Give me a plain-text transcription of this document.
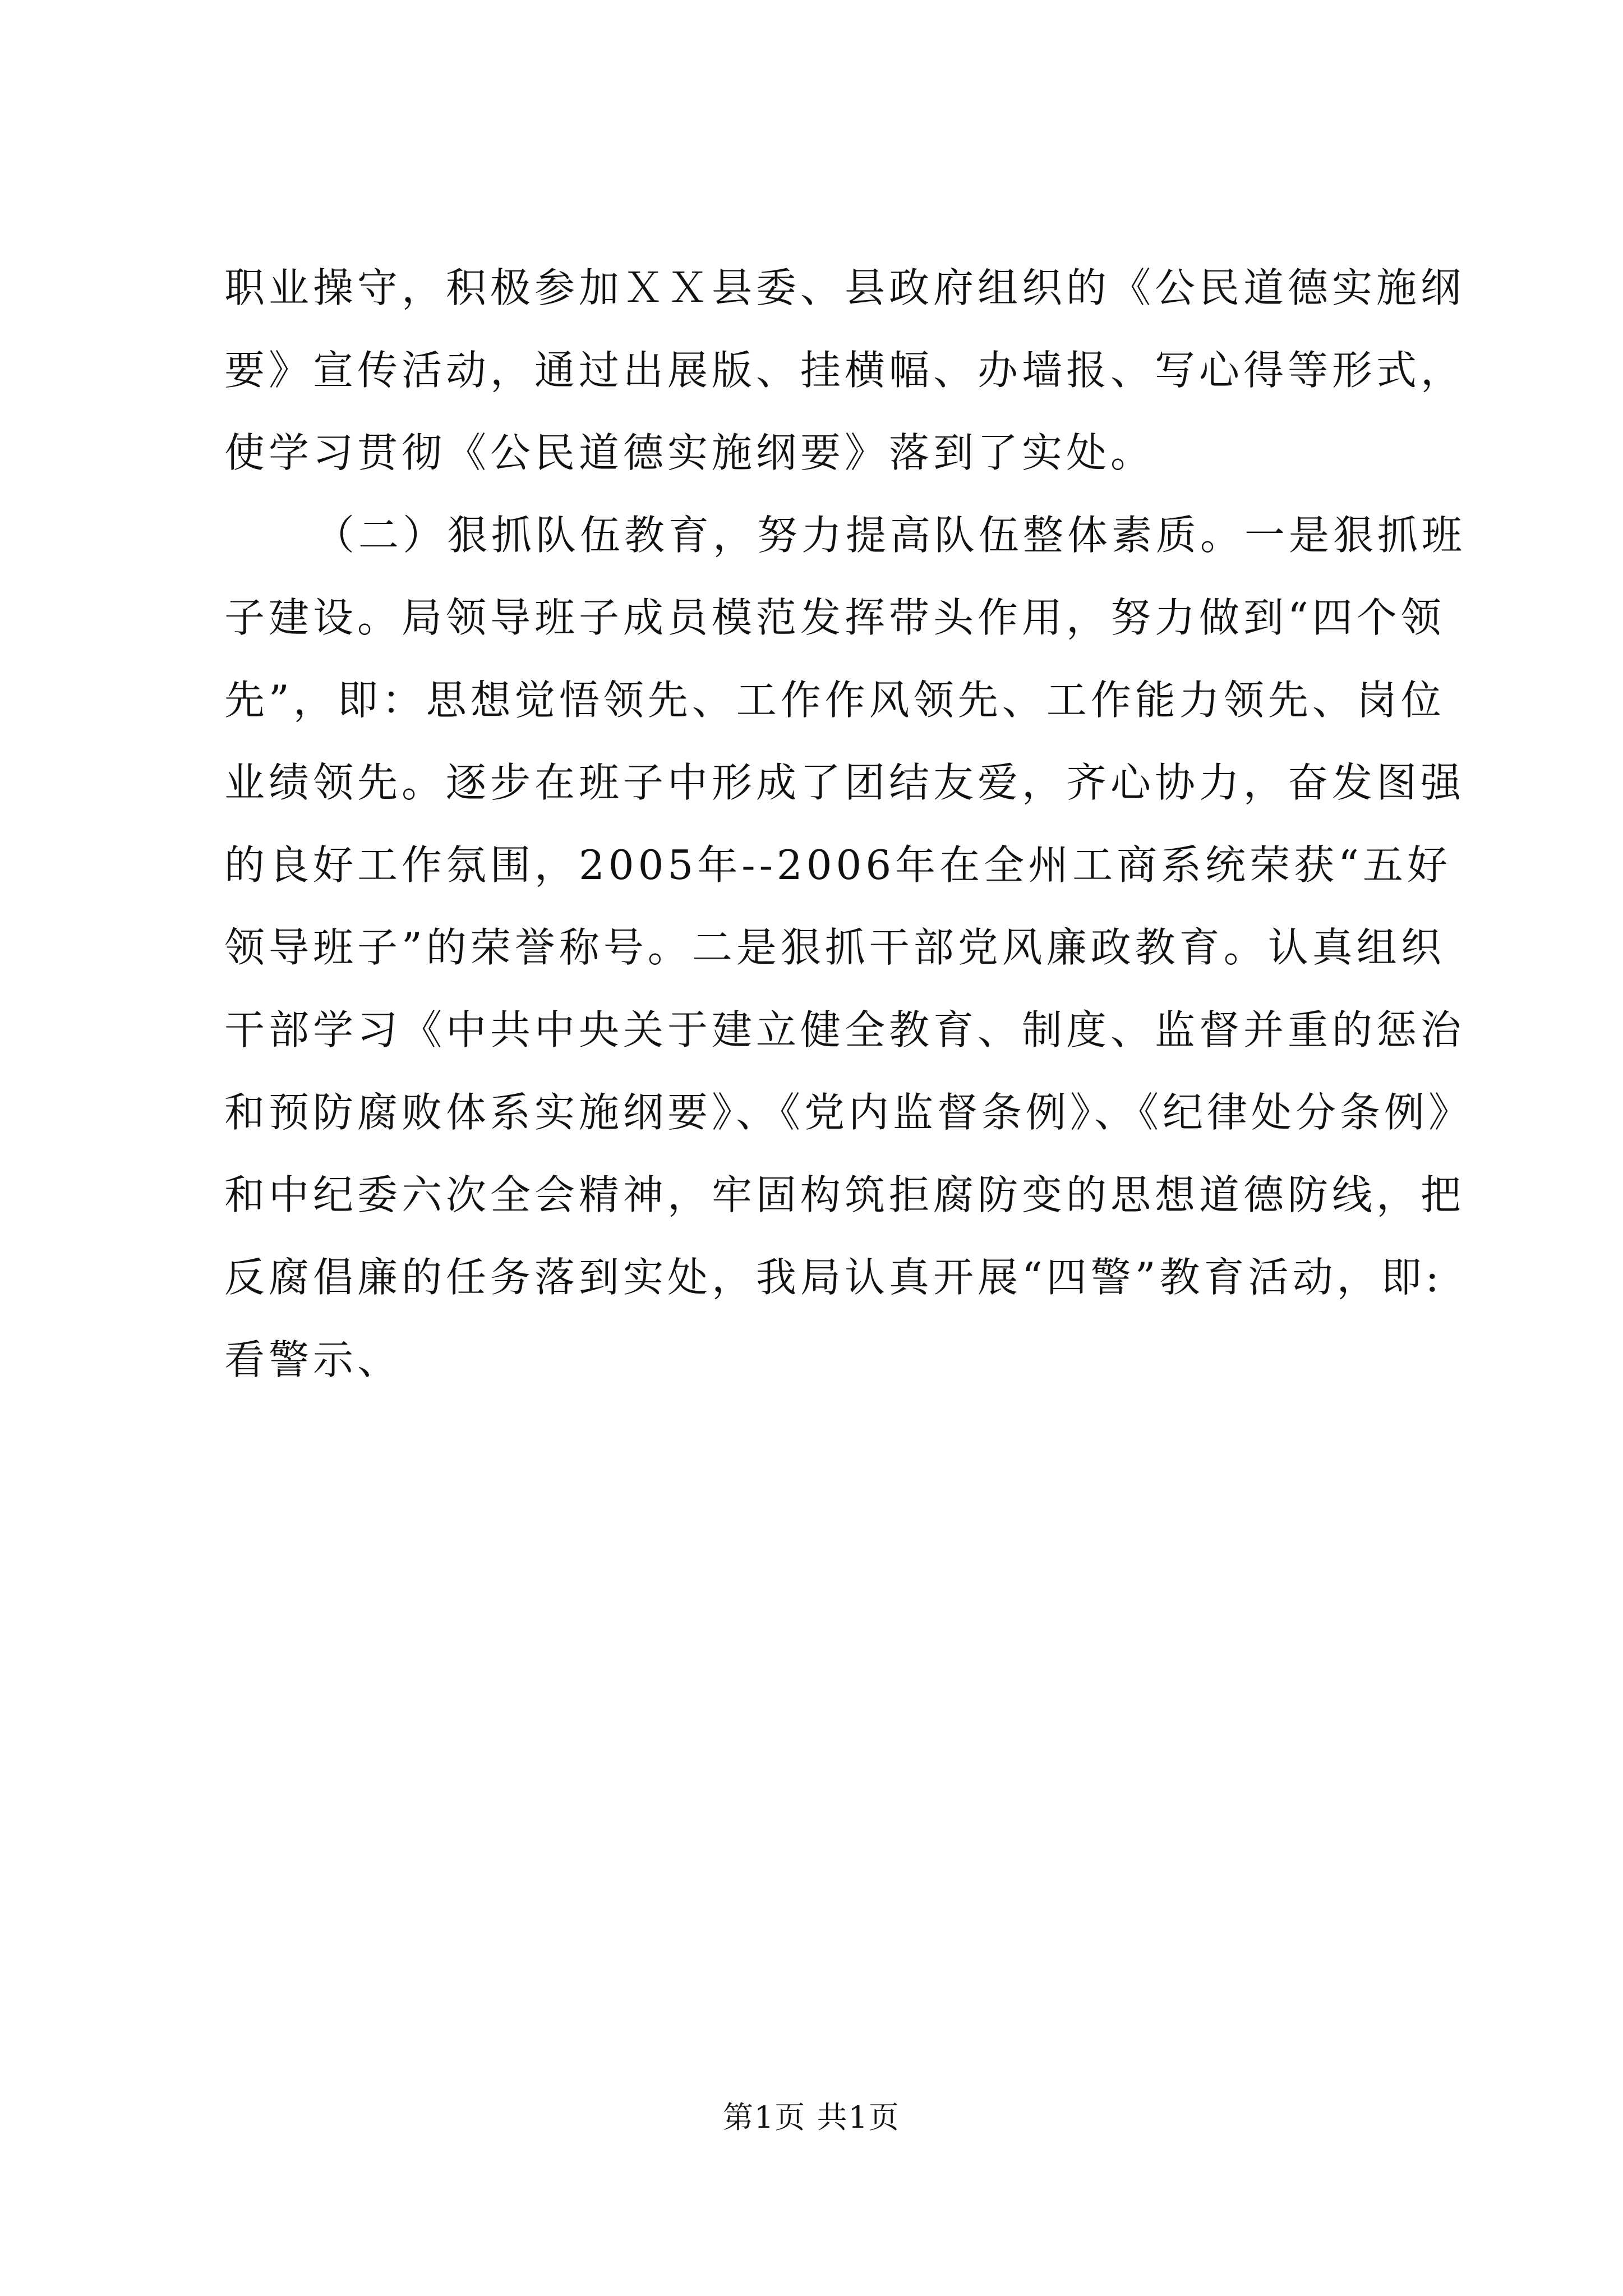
职业操守，积极参加ＸＸ县委、县政府组织的《公民道德实施纲
要》宣传活动，通过出展版、挂横幅、办墙报、写心得等形式，
使学习贯彻《公民道德实施纲要》落到了实处。
（二）狠抓队伍教育，努力提高队伍整体素质。一是狠抓班
子建设。局领导班子成员模范发挥带头作用，努力做到“四个领
先”，即：思想觉悟领先、工作作风领先、工作能力领先、岗位
业绩领先。逐步在班子中形成了团结友爱，齐心协力，奋发图强
的良好工作氛围，2005年--2006年在全州工商系统荣获“五好
领导班子”的荣誉称号。二是狠抓干部党风廉政教育。认真组织
干部学习《中共中央关于建立健全教育、制度、监督并重的惩治
和预防腐败体系实施纲要》、《党内监督条例》、《纪律处分条例》
和中纪委六次全会精神，牢固构筑拒腐防变的思想道德防线，把
反腐倡廉的任务落到实处，我局认真开展“四警”教育活动，即:
看警示、
第1页 共1页
